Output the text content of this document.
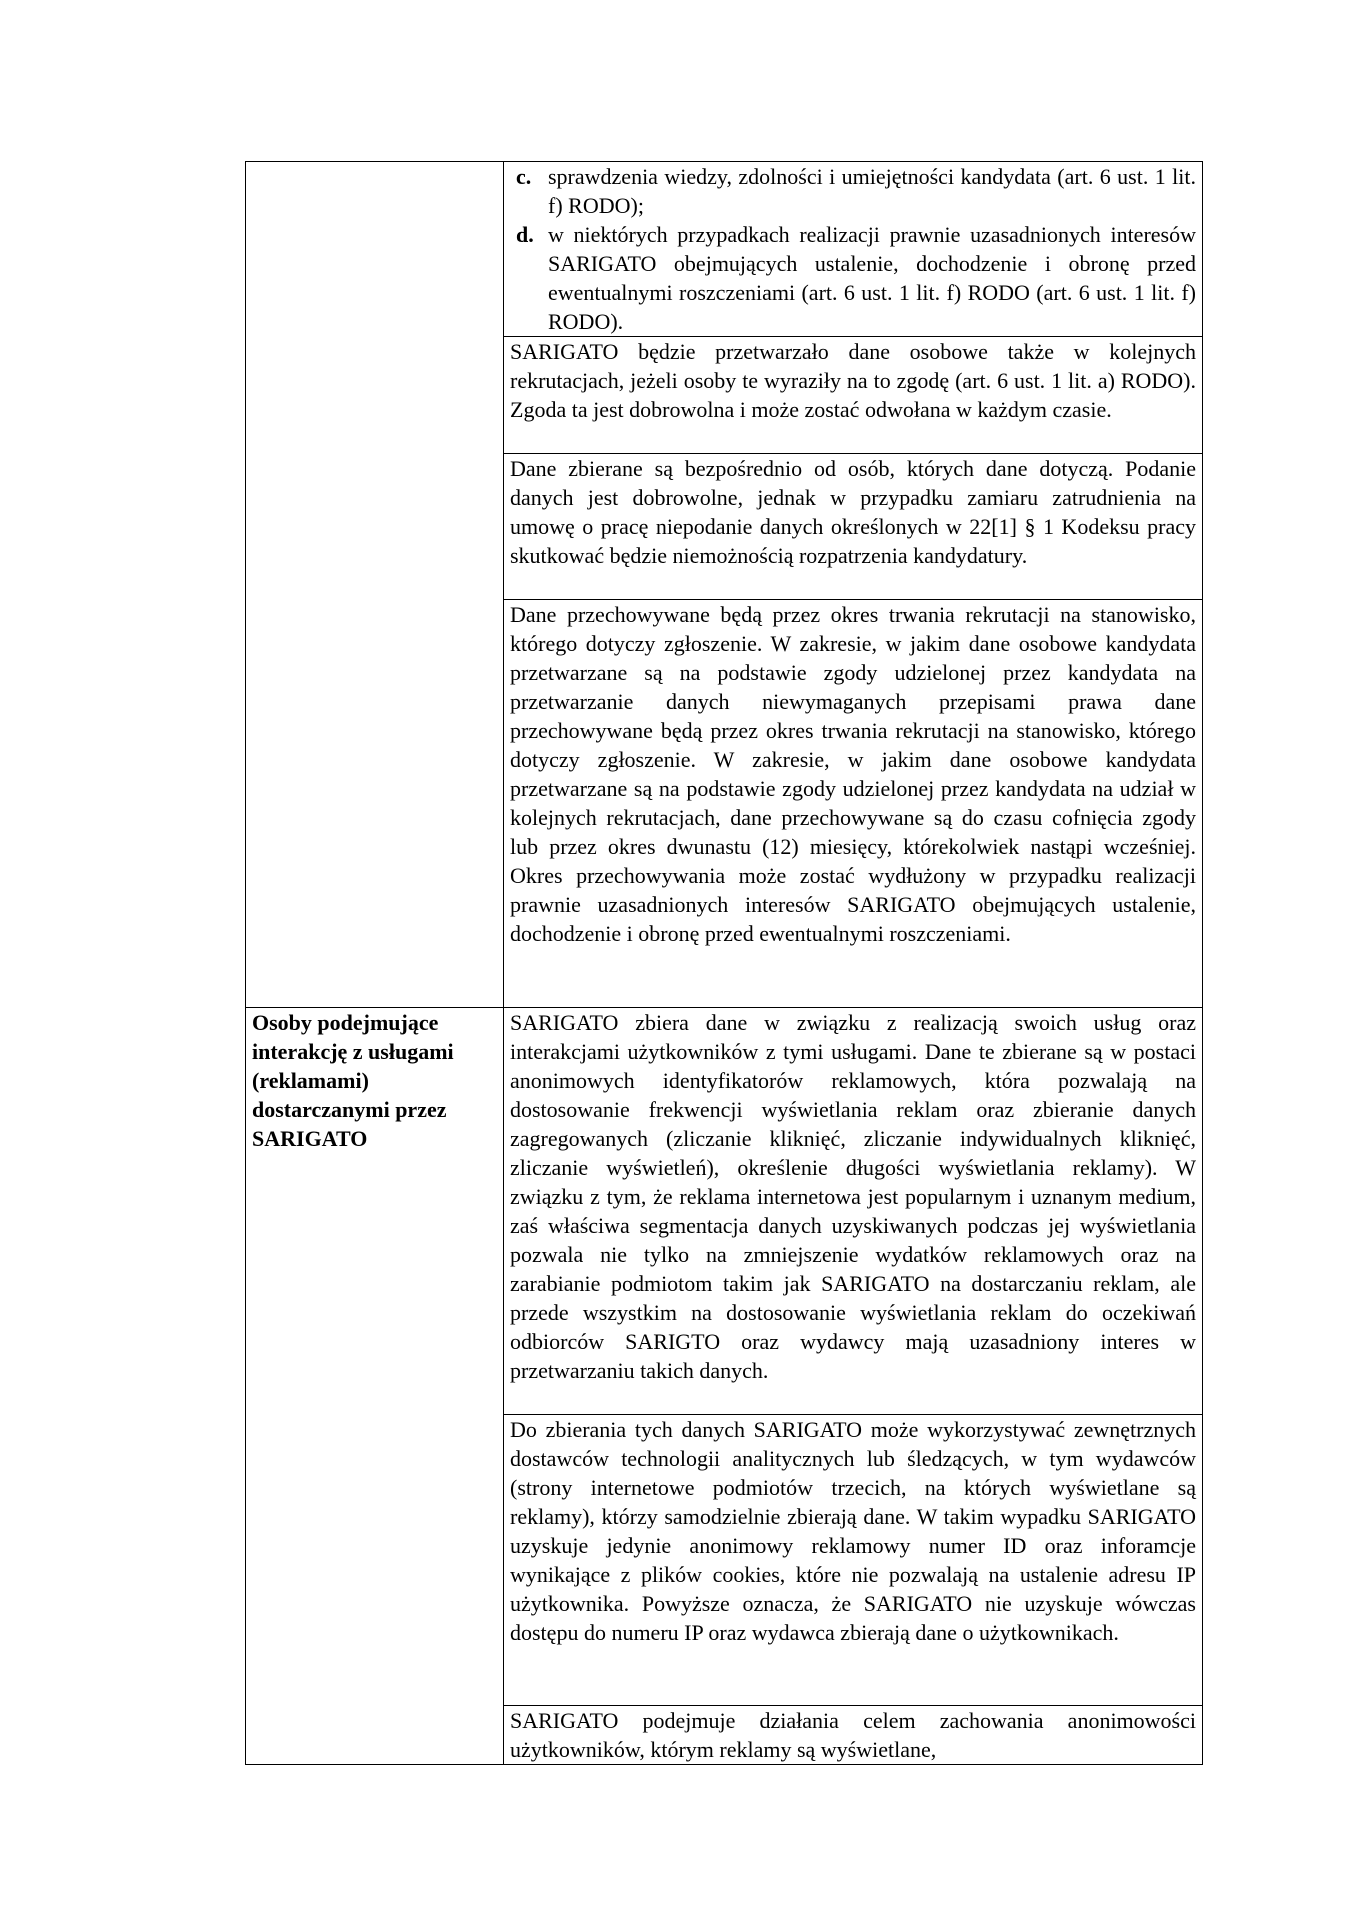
	c. sprawdzenia wiedzy, zdolności i umiejętności kandydata (art. 6 ust. 1 lit. f) RODO);
d. w niektórych przypadkach realizacji prawnie uzasadnionych interesów SARIGATO obejmujących ustalenie, dochodzenie i obronę przed ewentualnymi roszczeniami (art. 6 ust. 1 lit. f) RODO (art. 6 ust. 1 lit. f) RODO).

	SARIGATO będzie przetwarzało dane osobowe także w kolejnych rekrutacjach, jeżeli osoby te wyraziły na to zgodę (art. 6 ust. 1 lit. a) RODO). Zgoda ta jest dobrowolna i może zostać odwołana w każdym czasie.
	Dane zbierane są bezpośrednio od osób, których dane dotyczą. Podanie danych jest dobrowolne, jednak w przypadku zamiaru zatrudnienia na umowę o pracę niepodanie danych określonych w 22[1] § 1 Kodeksu pracy skutkować będzie niemożnością rozpatrzenia kandydatury.
	Dane przechowywane będą przez okres trwania rekrutacji na stanowisko, którego dotyczy zgłoszenie. W zakresie, w jakim dane osobowe kandydata przetwarzane są na podstawie zgody udzielonej przez kandydata na przetwarzanie danych niewymaganych przepisami prawa dane przechowywane będą przez okres trwania rekrutacji na stanowisko, którego dotyczy zgłoszenie. W zakresie, w jakim dane osobowe kandydata przetwarzane są na podstawie zgody udzielonej przez kandydata na udział w kolejnych rekrutacjach, dane przechowywane są do czasu cofnięcia zgody lub przez okres dwunastu (12) miesięcy, którekolwiek nastąpi wcześniej. Okres przechowywania może zostać wydłużony w przypadku realizacji prawnie uzasadnionych interesów SARIGATO obejmujących ustalenie, dochodzenie i obronę przed ewentualnymi roszczeniami.

Osoby podejmujące interakcję z usługami (reklamami) dostarczanymi przez SARIGATO	SARIGATO zbiera dane w związku z realizacją swoich usług oraz interakcjami użytkowników z tymi usługami. Dane te zbierane są w postaci anonimowych identyfikatorów reklamowych, która pozwalają na dostosowanie frekwencji wyświetlania reklam oraz zbieranie danych zagregowanych (zliczanie kliknięć, zliczanie indywidualnych kliknięć, zliczanie wyświetleń), określenie długości wyświetlania reklamy). W związku z tym, że reklama internetowa jest popularnym i uznanym medium, zaś właściwa segmentacja danych uzyskiwanych podczas jej wyświetlania pozwala nie tylko na zmniejszenie wydatków reklamowych oraz na zarabianie podmiotom takim jak SARIGATO na dostarczaniu reklam, ale przede wszystkim na dostosowanie wyświetlania reklam do oczekiwań odbiorców SARIGTO oraz wydawcy mają uzasadniony interes w przetwarzaniu takich danych.
	Do zbierania tych danych SARIGATO może wykorzystywać zewnętrznych dostawców technologii analitycznych lub śledzących, w tym wydawców (strony internetowe podmiotów trzecich, na których wyświetlane są reklamy), którzy samodzielnie zbierają dane. W takim wypadku SARIGATO uzyskuje jedynie anonimowy reklamowy numer ID oraz inforamcje wynikające z plików cookies, które nie pozwalają na ustalenie adresu IP użytkownika. Powyższe oznacza, że SARIGATO nie uzyskuje wówczas dostępu do numeru IP oraz wydawca zbierają dane o użytkownikach.
	SARIGATO podejmuje działania celem zachowania anonimowości użytkowników, którym reklamy są wyświetlane,
